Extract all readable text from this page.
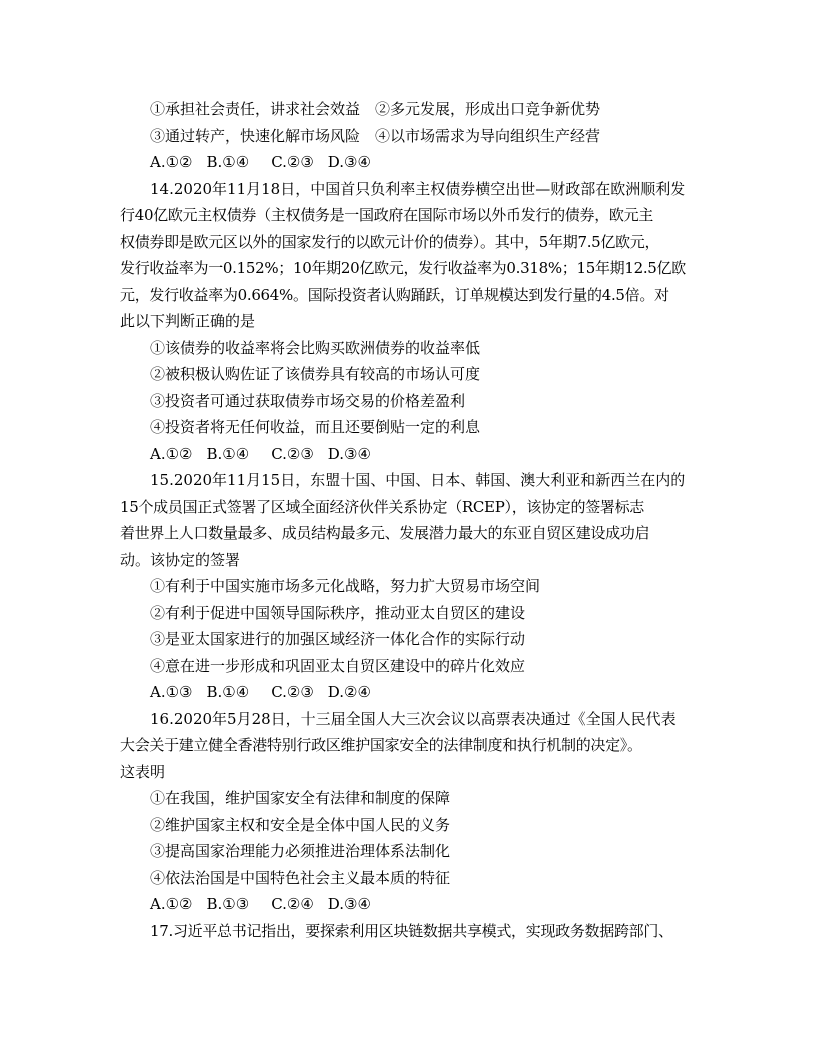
①承担社会责任，讲求社会效益　②多元发展，形成出口竞争新优势
③通过转产，快速化解市场风险　④以市场需求为导向组织生产经营
A.①② B.①④ C.②③ D.③④
14.2020年11月18日，中国首只负利率主权债券横空出世—财政部在欧洲顺利发
行40亿欧元主权债券（主权债务是一国政府在国际市场以外币发行的债券，欧元主
权债券即是欧元区以外的国家发行的以欧元计价的债券）。其中，5年期7.5亿欧元，
发行收益率为一0.152%；10年期20亿欧元，发行收益率为0.318%；15年期12.5亿欧
元，发行收益率为0.664%。国际投资者认购踊跃，订单规模达到发行量的4.5倍。对
此以下判断正确的是
①该债券的收益率将会比购买欧洲债券的收益率低
②被积极认购佐证了该债券具有较高的市场认可度
③投资者可通过获取债券市场交易的价格差盈利
④投资者将无任何收益，而且还要倒贴一定的利息
A.①② B.①④ C.②③ D.③④
15.2020年11月15日，东盟十国、中国、日本、韩国、澳大利亚和新西兰在内的
15个成员国正式签署了区域全面经济伙伴关系协定（RCEP），该协定的签署标志
着世界上人口数量最多、成员结构最多元、发展潜力最大的东亚自贸区建设成功启
动。该协定的签署
①有利于中国实施市场多元化战略，努力扩大贸易市场空间
②有利于促进中国领导国际秩序，推动亚太自贸区的建设
③是亚太国家进行的加强区域经济一体化合作的实际行动
④意在进一步形成和巩固亚太自贸区建设中的碎片化效应
A.①③ B.①④ C.②③ D.②④
16.2020年5月28日，十三届全国人大三次会议以高票表决通过《全国人民代表
大会关于建立健全香港特别行政区维护国家安全的法律制度和执行机制的决定》。
这表明
①在我国，维护国家安全有法律和制度的保障
②维护国家主权和安全是全体中国人民的义务
③提高国家治理能力必须推进治理体系法制化
④依法治国是中国特色社会主义最本质的特征
A.①② B.①③ C.②④ D.③④
17.习近平总书记指出，要探索利用区块链数据共享模式，实现政务数据跨部门、
